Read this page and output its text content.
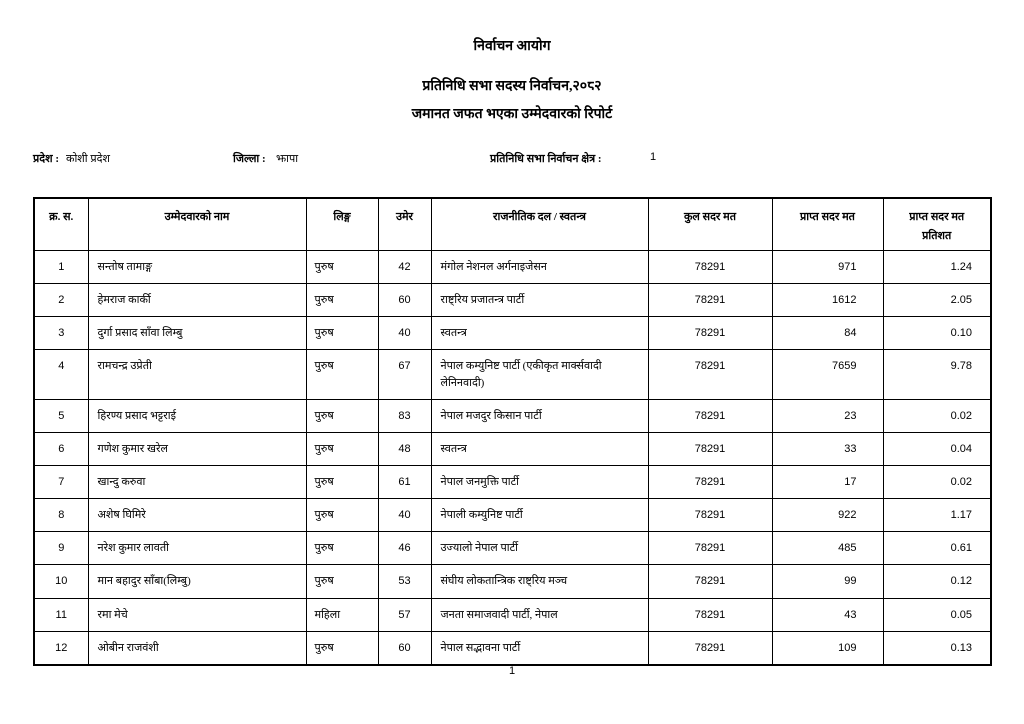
निर्वाचन आयोग
प्रतिनिधि सभा सदस्य निर्वाचन,२०८२
जमानत जफत भएका उम्मेदवारको रिपोर्ट
प्रदेश : कोशी प्रदेश	जिल्ला : झापा	प्रतिनिधि सभा निर्वाचन क्षेत्र :	1
क्र. स.	उम्मेदवारको नाम	लिङ्ग	उमेर	राजनीतिक दल / स्वतन्त्र	कुल सदर मत	प्राप्त सदर मत	प्राप्त सदर मत
प्रतिशत

1	सन्तोष तामाङ्ग	पुरुष	42	मंगोल नेशनल अर्गनाइजेसन	78291	971	1.24
2	हेमराज कार्की	पुरुष	60	राष्ट्रिय प्रजातन्त्र पार्टी	78291	1612	2.05
3	दुर्गा प्रसाद साँवा लिम्बु	पुरुष	40	स्वतन्त्र	78291	84	0.10
4	रामचन्द्र उप्रेती	पुरुष	67	नेपाल कम्युनिष्ट पार्टी (एकीकृत मार्क्सवादी लेनिनवादी)	78291	7659	9.78
5	हिरण्य प्रसाद भट्टराई	पुरुष	83	नेपाल मजदुर किसान पार्टी	78291	23	0.02
6	गणेश कुमार खरेल	पुरुष	48	स्वतन्त्र	78291	33	0.04
7	खान्दु करुवा	पुरुष	61	नेपाल जनमुक्ति पार्टी	78291	17	0.02
8	अशेष घिमिरे	पुरुष	40	नेपाली कम्युनिष्ट पार्टी	78291	922	1.17
9	नरेश कुमार लावती	पुरुष	46	उज्यालो नेपाल पार्टी	78291	485	0.61
10	मान बहादुर साँबा(लिम्बु)	पुरुष	53	संघीय लोकतान्त्रिक राष्ट्रिय मञ्च	78291	99	0.12
11	रमा मेचे	महिला	57	जनता समाजवादी पार्टी, नेपाल	78291	43	0.05
12	ओबीन राजवंशी	पुरुष	60	नेपाल सद्भावना पार्टी	78291	109	0.13
1
